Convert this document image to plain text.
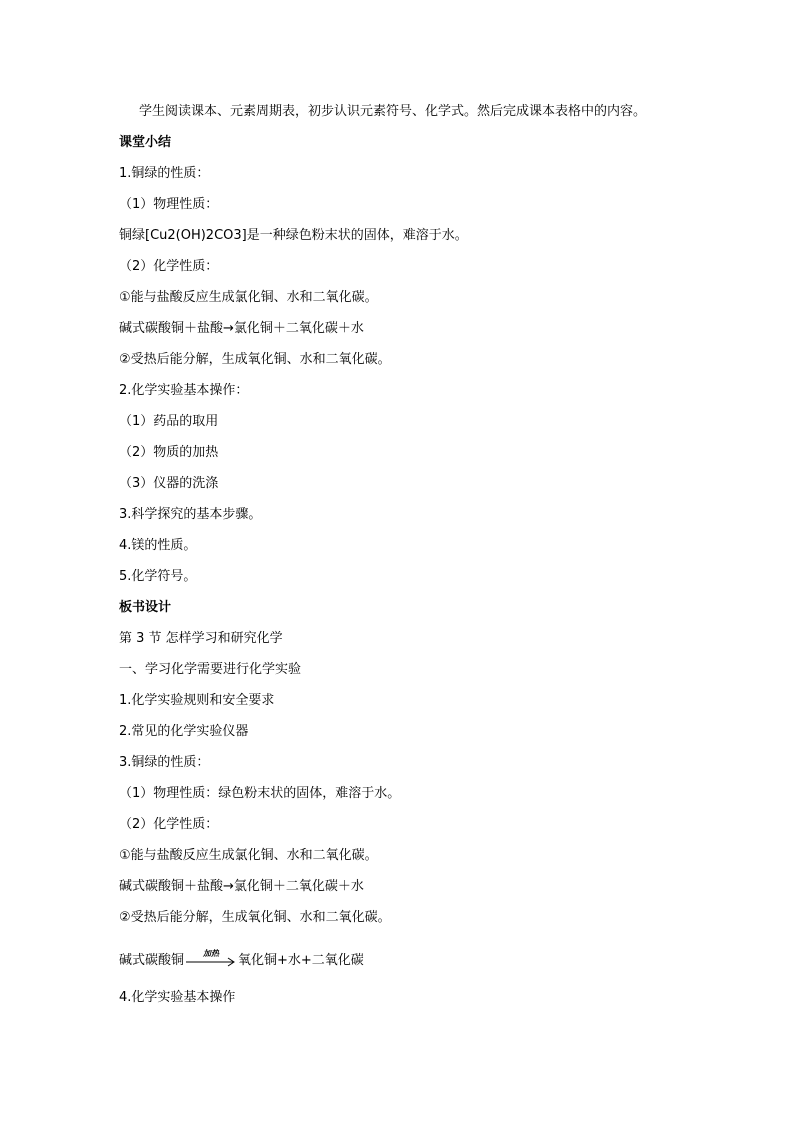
学生阅读课本、元素周期表，初步认识元素符号、化学式。然后完成课本表格中的内容。
课堂小结
1.铜绿的性质：
（1）物理性质：
铜绿[Cu2(OH)2CO3]是一种绿色粉末状的固体，难溶于水。
（2）化学性质：
①能与盐酸反应生成氯化铜、水和二氧化碳。
碱式碳酸铜＋盐酸→氯化铜＋二氧化碳＋水
②受热后能分解，生成氧化铜、水和二氧化碳。
2.化学实验基本操作：
（1）药品的取用
（2）物质的加热
（3）仪器的洗涤
3.科学探究的基本步骤。
4.镁的性质。
5.化学符号。
板书设计
第 3 节 怎样学习和研究化学
一、学习化学需要进行化学实验
1.化学实验规则和安全要求
2.常见的化学实验仪器
3.铜绿的性质：
（1）物理性质：绿色粉末状的固体，难溶于水。
（2）化学性质：
①能与盐酸反应生成氯化铜、水和二氧化碳。
碱式碳酸铜＋盐酸→氯化铜＋二氧化碳＋水
②受热后能分解，生成氧化铜、水和二氧化碳。
碱式碳酸铜	加热	氧化铜+水+二氧化碳
4.化学实验基本操作
